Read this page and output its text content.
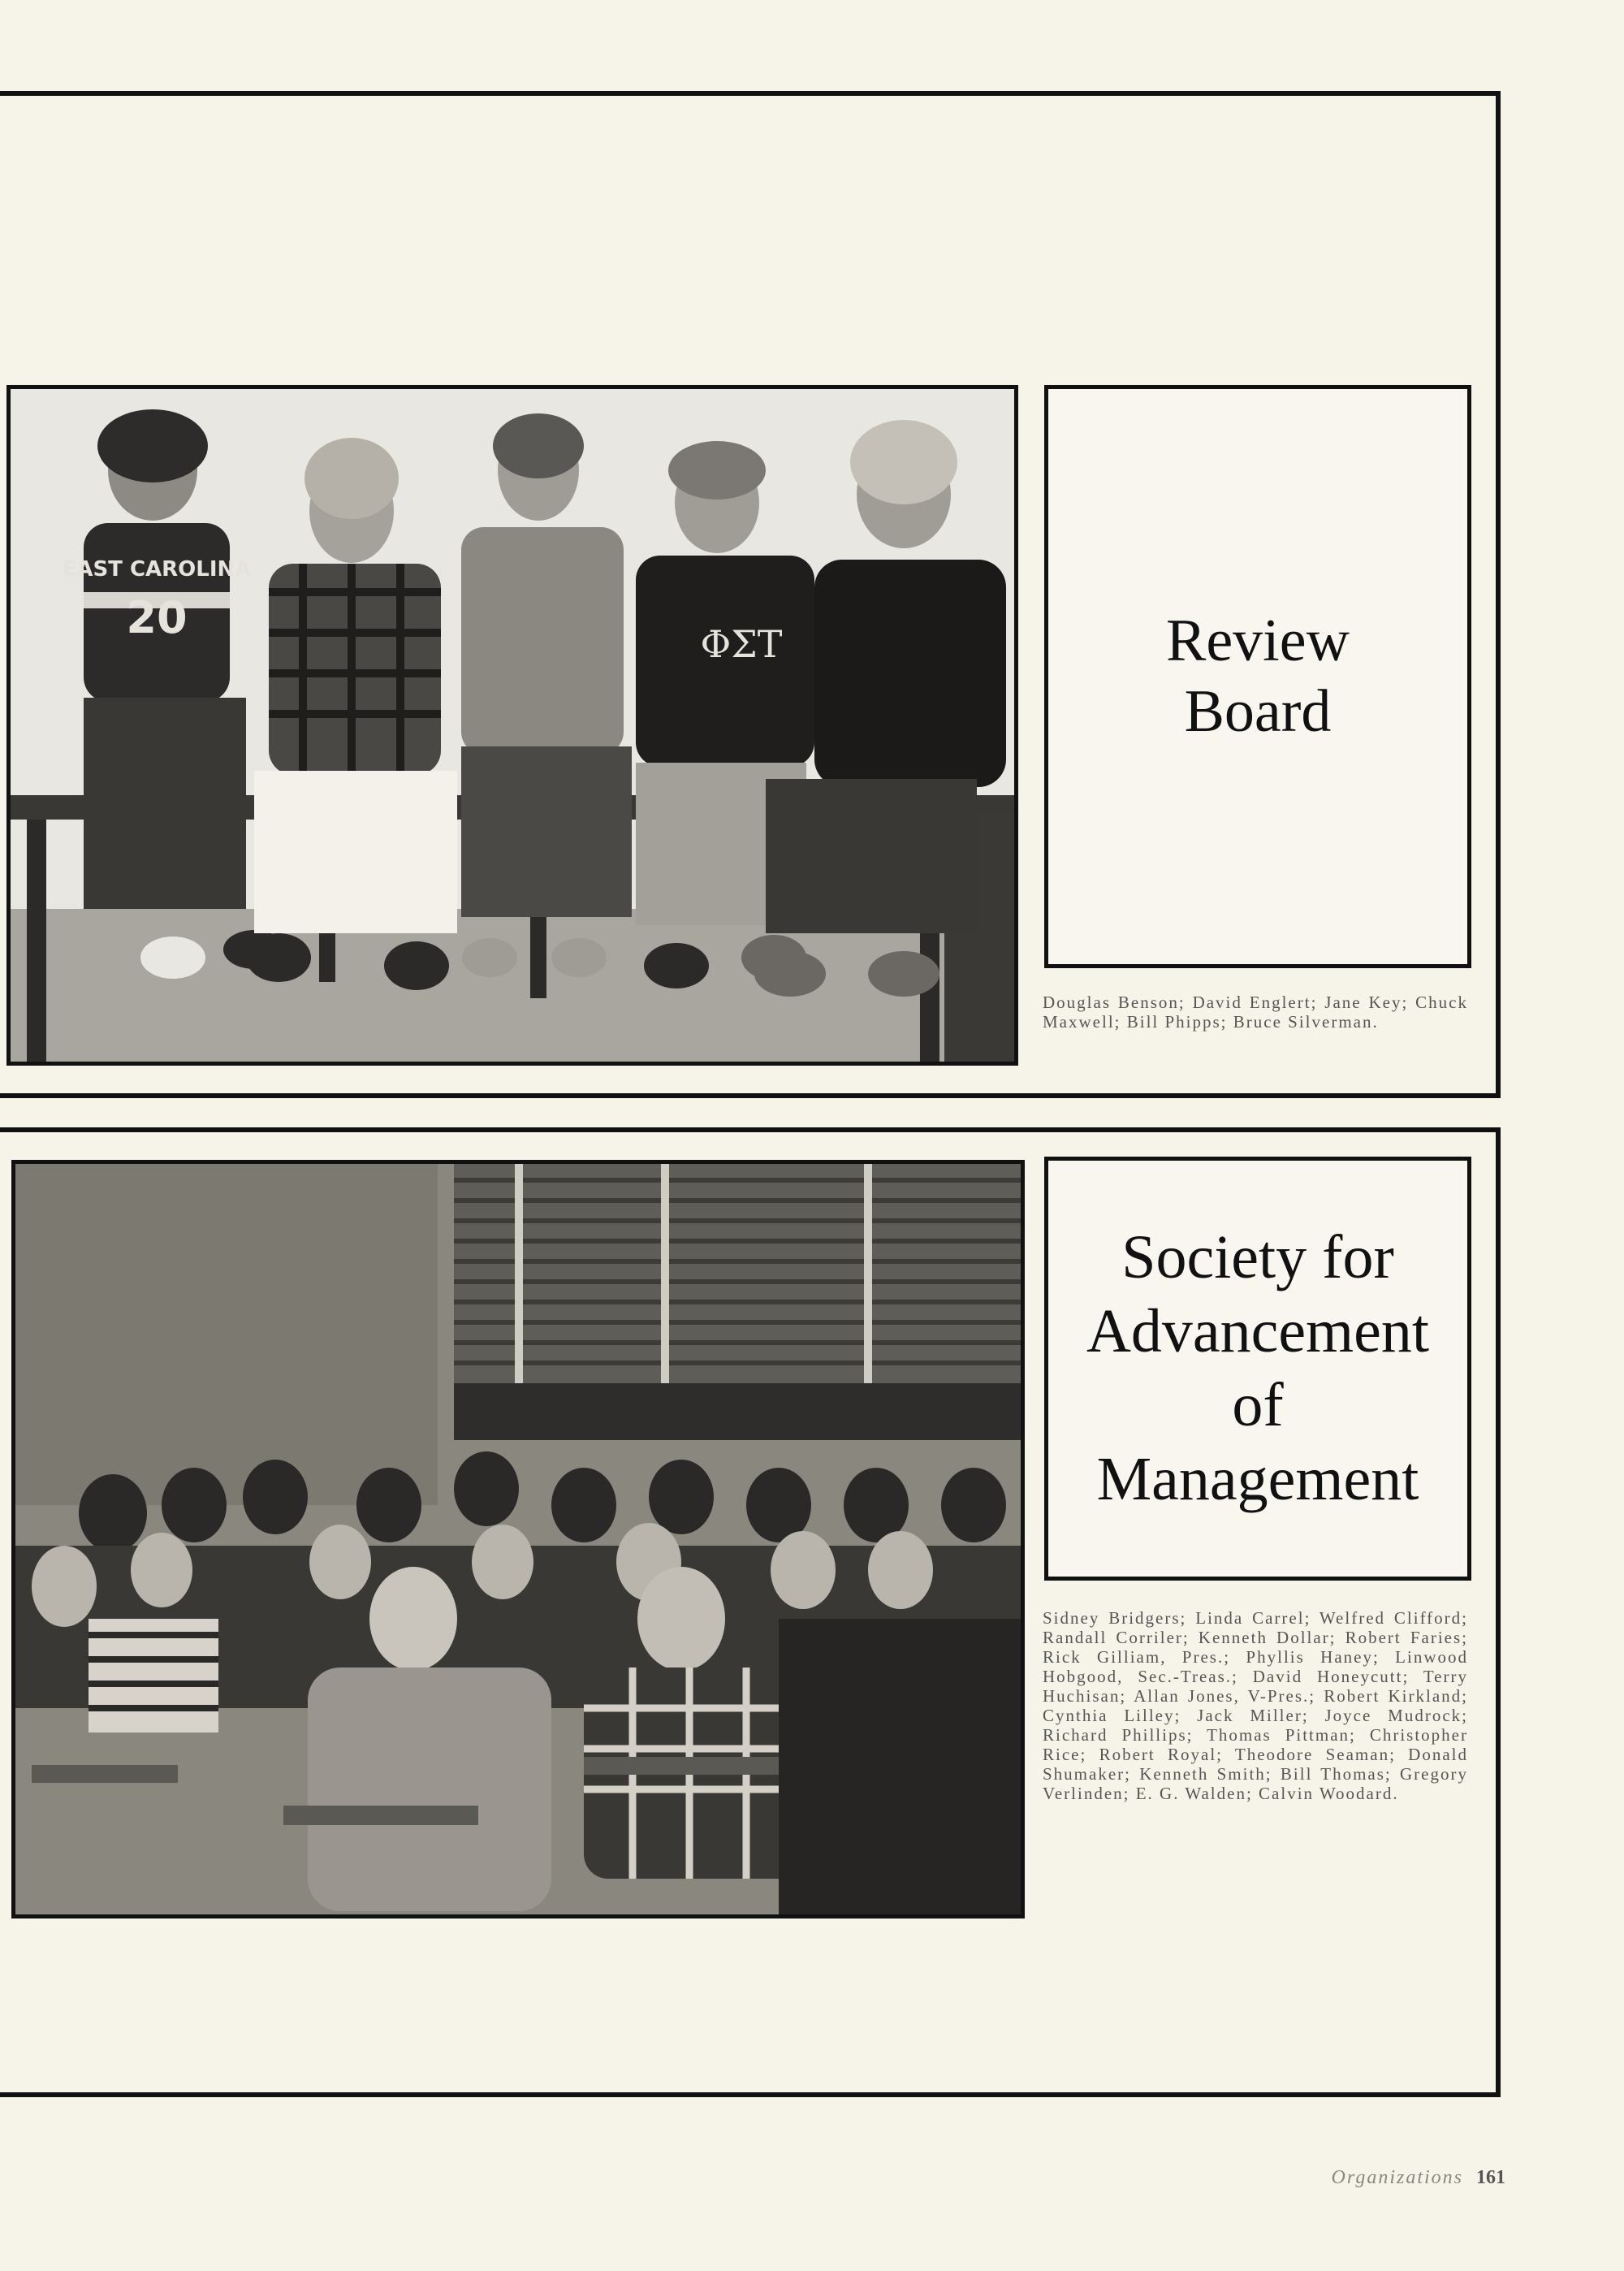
EAST CAROLINA
20
ΦΣΤ	Review
Board
Douglas Benson; David Englert; Jane Key; Chuck Maxwell; Bill Phipps; Bruce Silverman.
Society for
Advancement
of
Management
Sidney Bridgers; Linda Carrel; Welfred Clifford; Randall Corriler; Kenneth Dollar; Robert Faries; Rick Gilliam, Pres.; Phyllis Haney; Linwood Hobgood, Sec.-Treas.; David Honeycutt; Terry Huchisan; Allan Jones, V-Pres.; Robert Kirkland; Cynthia Lilley; Jack Miller; Joyce Mudrock; Richard Phillips; Thomas Pittman; Christopher Rice; Robert Royal; Theodore Seaman; Donald Shumaker; Kenneth Smith; Bill Thomas; Gregory Verlinden; E. G. Walden; Calvin Woodard.
Organizations 161
